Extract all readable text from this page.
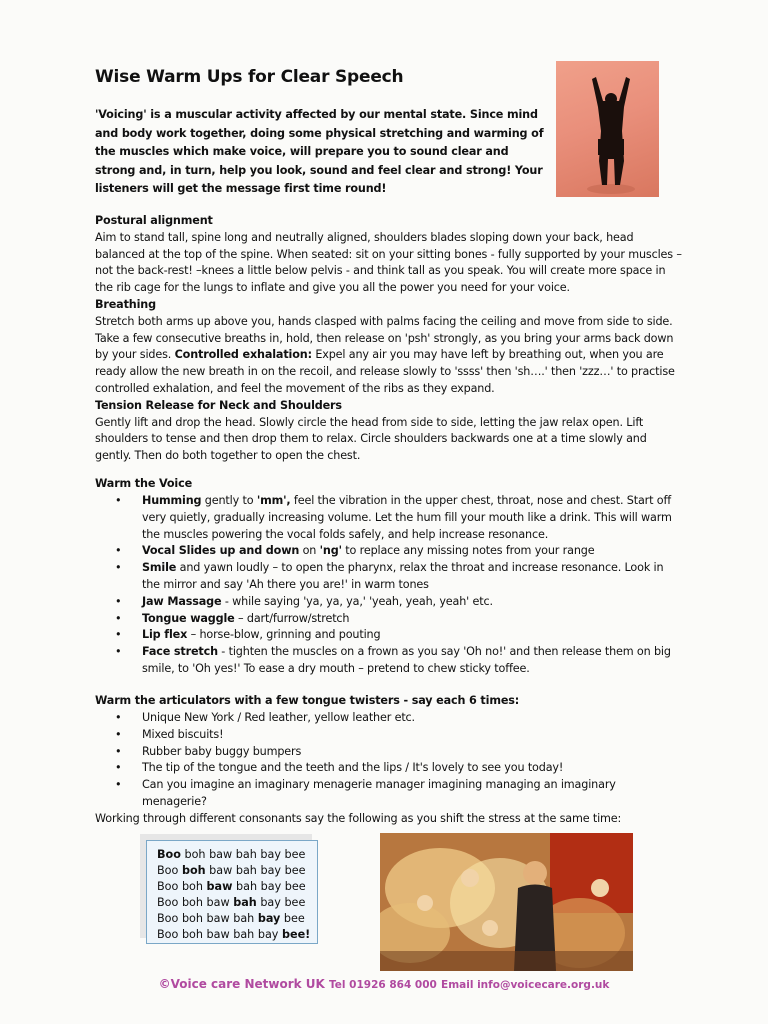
Wise Warm Ups for Clear Speech
'Voicing' is a muscular activity affected by our mental state. Since mind and body work together, doing some physical stretching and warming of the muscles which make voice, will prepare you to sound clear and strong and, in turn, help you look, sound and feel clear and strong! Your listeners will get the message first time round!
Postural alignment
Aim to stand tall, spine long and neutrally aligned, shoulders blades sloping down your back, head balanced at the top of the spine. When seated: sit on your sitting bones - fully supported by your muscles – not the back-rest! –knees a little below pelvis - and think tall as you speak. You will create more space in the rib cage for the lungs to inflate and give you all the power you need for your voice.
Breathing
Stretch both arms up above you, hands clasped with palms facing the ceiling and move from side to side. Take a few consecutive breaths in, hold, then release on 'psh' strongly, as you bring your arms back down by your sides. Controlled exhalation: Expel any air you may have left by breathing out, when you are ready allow the new breath in on the recoil, and release slowly to 'ssss' then 'sh….' then 'zzz…' to practise controlled exhalation, and feel the movement of the ribs as they expand.
Tension Release for Neck and Shoulders
Gently lift and drop the head. Slowly circle the head from side to side, letting the jaw relax open. Lift shoulders to tense and then drop them to relax. Circle shoulders backwards one at a time slowly and gently. Then do both together to open the chest.
Warm the Voice
• Humming gently to 'mm', feel the vibration in the upper chest, throat, nose and chest. Start off very quietly, gradually increasing volume. Let the hum fill your mouth like a drink. This will warm the muscles powering the vocal folds safely, and help increase resonance.
• Vocal Slides up and down on 'ng' to replace any missing notes from your range
• Smile and yawn loudly – to open the pharynx, relax the throat and increase resonance. Look in the mirror and say 'Ah there you are!' in warm tones
• Jaw Massage - while saying 'ya, ya, ya,' 'yeah, yeah, yeah' etc.
• Tongue waggle – dart/furrow/stretch
• Lip flex – horse-blow, grinning and pouting
• Face stretch - tighten the muscles on a frown as you say 'Oh no!' and then release them on big smile, to 'Oh yes!' To ease a dry mouth – pretend to chew sticky toffee.
Warm the articulators with a few tongue twisters - say each 6 times:
• Unique New York / Red leather, yellow leather etc.
• Mixed biscuits!
• Rubber baby buggy bumpers
• The tip of the tongue and the teeth and the lips / It's lovely to see you today!
• Can you imagine an imaginary menagerie manager imagining managing an imaginary menagerie?
Working through different consonants say the following as you shift the stress at the same time:
Boo boh baw bah bay bee
Boo boh baw bah bay bee
Boo boh baw bah bay bee
Boo boh baw bah bay bee
Boo boh baw bah bay bee
Boo boh baw bah bay bee!
©Voice care Network UK Tel 01926 864 000 Email info@voicecare.org.uk
